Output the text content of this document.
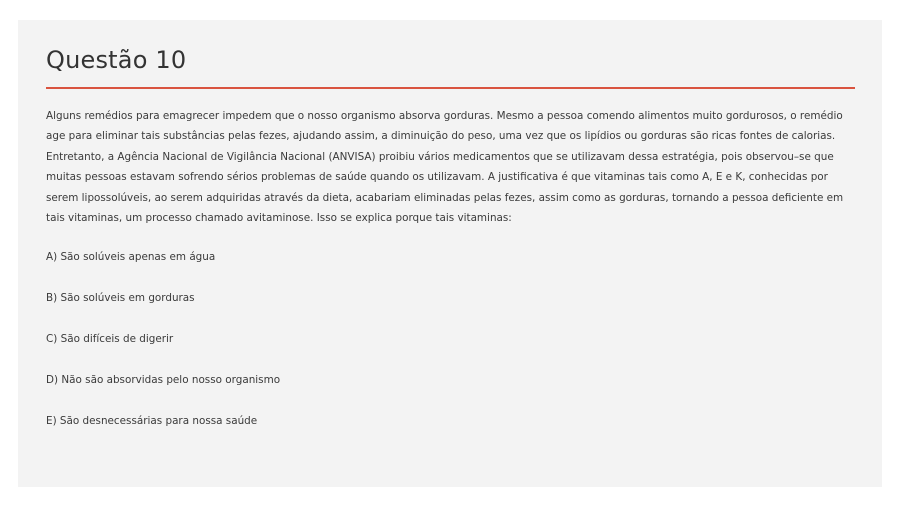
Questão 10

Alguns remédios para emagrecer impedem que o nosso organismo absorva gorduras. Mesmo a pessoa comendo alimentos muito gordurosos, o remédio age para eliminar tais substâncias pelas fezes, ajudando assim, a diminuição do peso, uma vez que os lipídios ou gorduras são ricas fontes de calorias. Entretanto, a Agência Nacional de Vigilância Nacional (ANVISA) proibiu vários medicamentos que se utilizavam dessa estratégia, pois observou–se que muitas pessoas estavam sofrendo sérios problemas de saúde quando os utilizavam. A justificativa é que vitaminas tais como A, E e K, conhecidas por serem lipossolúveis, ao serem adquiridas através da dieta, acabariam eliminadas pelas fezes, assim como as gorduras, tornando a pessoa deficiente em tais vitaminas, um processo chamado avitaminose. Isso se explica porque tais vitaminas:

A) São solúveis apenas em água
B) São solúveis em gorduras
C) São difíceis de digerir
D) Não são absorvidas pelo nosso organismo
E) São desnecessárias para nossa saúde
